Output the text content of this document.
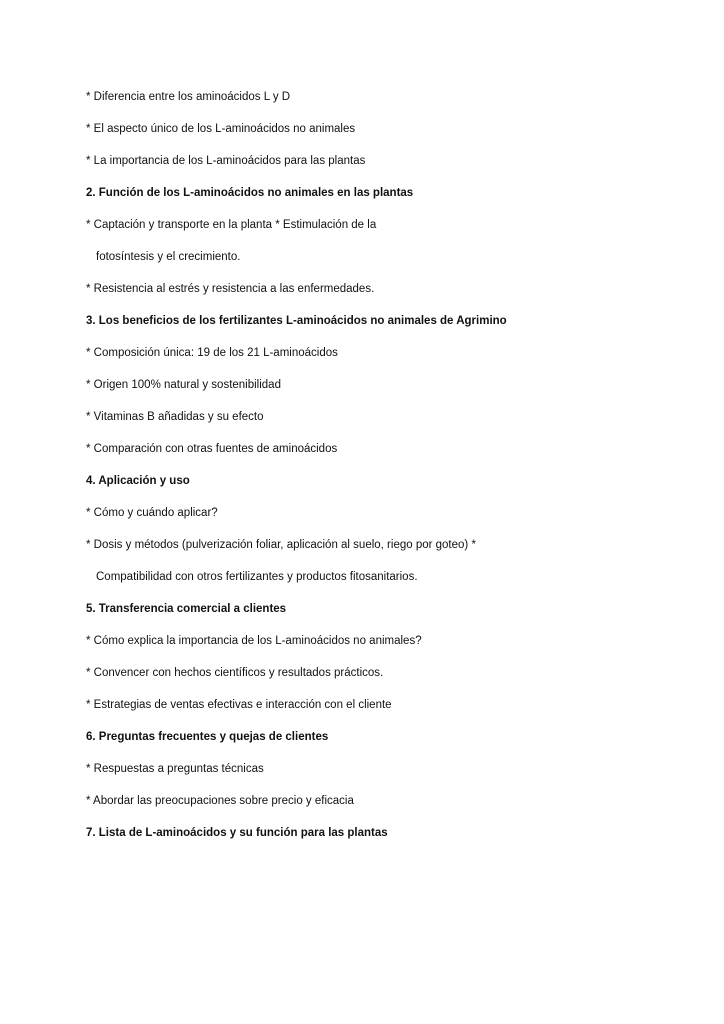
* Diferencia entre los aminoácidos L y D
* El aspecto único de los L-aminoácidos no animales
* La importancia de los L-aminoácidos para las plantas
2. Función de los L-aminoácidos no animales en las plantas
* Captación y transporte en la planta * Estimulación de la
fotosíntesis y el crecimiento.
* Resistencia al estrés y resistencia a las enfermedades.
3. Los beneficios de los fertilizantes L-aminoácidos no animales de Agrimino
* Composición única: 19 de los 21 L-aminoácidos
* Origen 100% natural y sostenibilidad
* Vitaminas B añadidas y su efecto
* Comparación con otras fuentes de aminoácidos
4. Aplicación y uso
* Cómo y cuándo aplicar?
* Dosis y métodos (pulverización foliar, aplicación al suelo, riego por goteo) *
Compatibilidad con otros fertilizantes y productos fitosanitarios.
5. Transferencia comercial a clientes
* Cómo explica la importancia de los L-aminoácidos no animales?
* Convencer con hechos científicos y resultados prácticos.
* Estrategias de ventas efectivas e interacción con el cliente
6. Preguntas frecuentes y quejas de clientes
* Respuestas a preguntas técnicas
* Abordar las preocupaciones sobre precio y eficacia
7. Lista de L-aminoácidos y su función para las plantas
